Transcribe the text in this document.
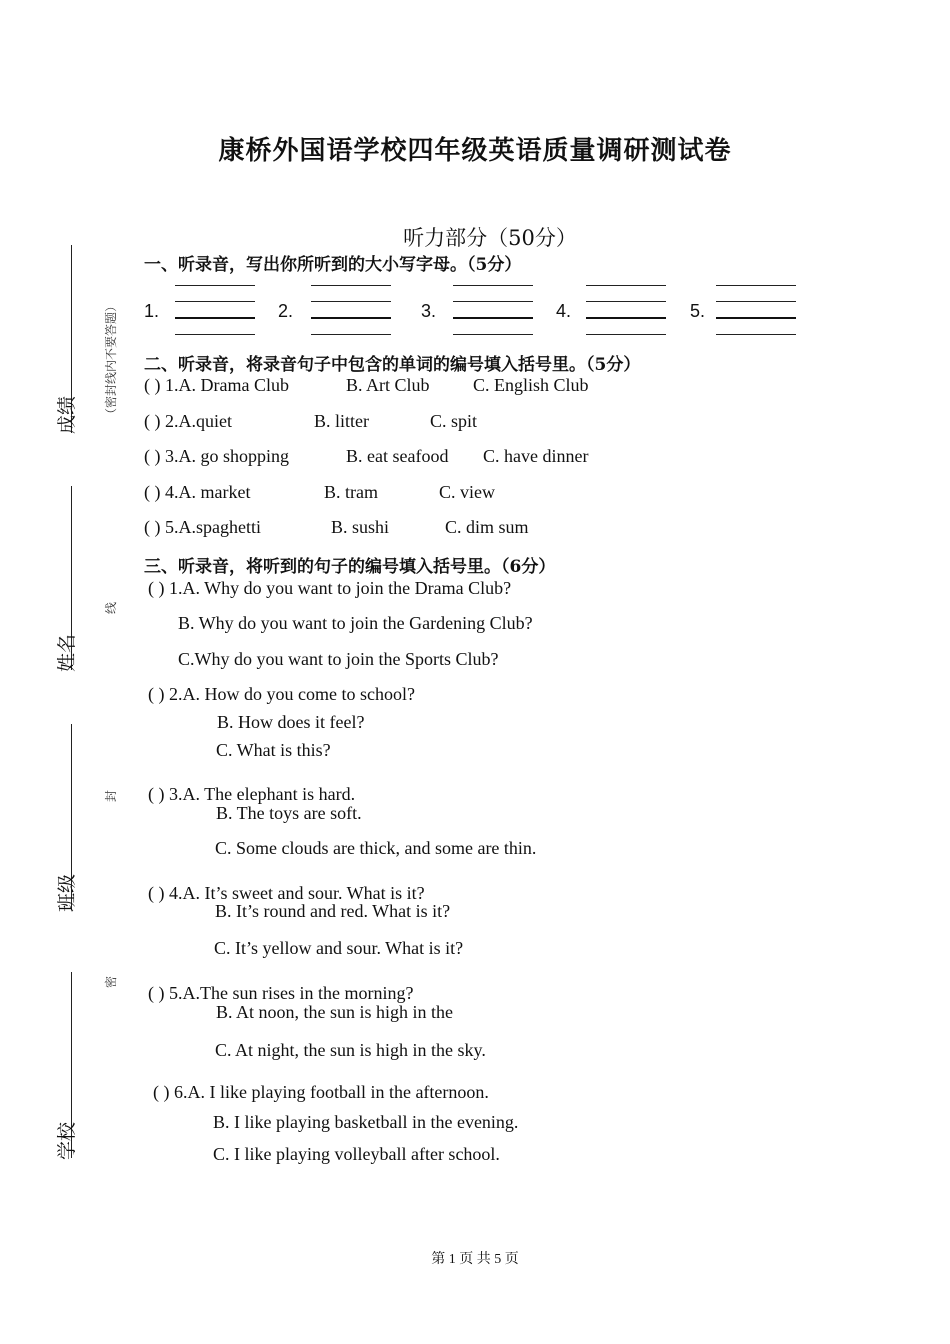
成绩
姓名
班级
学校
（密封线内不要答题）
线
封
密
康桥外国语学校四年级英语质量调研测试卷
听力部分（50分）
一、听录音，写出你所听到的大小写字母。（5分）
1.	2.	3.	4.	5.
二、听录音，将录音句子中包含的单词的编号填入括号里。（5分）
( ) 1.A. Drama Club	B. Art Club C. English Club
( ) 2.A.quiet	B. litter	C. spit
( ) 3.A. go shopping	B. eat seafood C. have dinner
( ) 4.A. market	B. tram	C. view
( ) 5.A.spaghetti	B. sushi	C. dim sum
三、听录音，将听到的句子的编号填入括号里。（6分）
( ) 1.A. Why do you want to join the Drama Club?
B. Why do you want to join the Gardening Club?
C.Why do you want to join the Sports Club?
( ) 2.A. How do you come to school?
B. How does it feel?
C. What is this?
( ) 3.A. The elephant is hard.
B. The toys are soft.
C. Some clouds are thick, and some are thin.
( ) 4.A. It’s sweet and sour. What is it?
B. It’s round and red. What is it?
C. It’s yellow and sour. What is it?
( ) 5.A.The sun rises in the morning?
B. At noon, the sun is high in the
C. At night, the sun is high in the sky.
( ) 6.A. I like playing football in the afternoon.
B. I like playing basketball in the evening.
C. I like playing volleyball after school.
第 1 页 共 5 页
